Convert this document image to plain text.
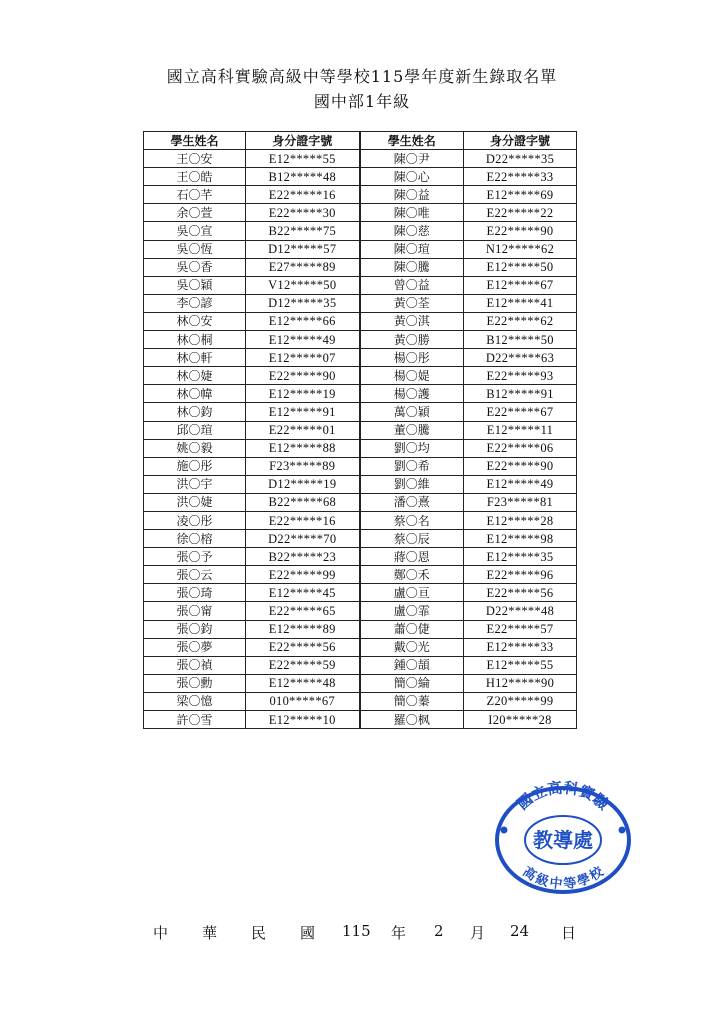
國立高科實驗高級中等學校115學年度新生錄取名單
國中部1年級
學生姓名	身分證字號	學生姓名	身分證字號
王〇安	E12*****55	陳〇尹	D22*****35
王〇皓	B12*****48	陳〇心	E22*****33
石〇芊	E22*****16	陳〇益	E12*****69
余〇萱	E22*****30	陳〇唯	E22*****22
吳〇宣	B22*****75	陳〇慈	E22*****90
吳〇恆	D12*****57	陳〇瑄	N12*****62
吳〇香	E27*****89	陳〇騰	E12*****50
吳〇穎	V12*****50	曾〇益	E12*****67
李〇諺	D12*****35	黃〇荃	E12*****41
林〇安	E12*****66	黃〇淇	E22*****62
林〇桐	E12*****49	黃〇勝	B12*****50
林〇軒	E12*****07	楊〇彤	D22*****63
林〇婕	E22*****90	楊〇媞	E22*****93
林〇幃	E12*****19	楊〇護	B12*****91
林〇鈞	E12*****91	萬〇穎	E22*****67
邱〇瑄	E22*****01	董〇騰	E12*****11
姚〇毅	E12*****88	劉〇均	E22*****06
施〇彤	F23*****89	劉〇希	E22*****90
洪〇宇	D12*****19	劉〇維	E12*****49
洪〇婕	B22*****68	潘〇熹	F23*****81
凌〇彤	E22*****16	蔡〇名	E12*****28
徐〇榕	D22*****70	蔡〇辰	E12*****98
張〇予	B22*****23	蔣〇恩	E12*****35
張〇云	E22*****99	鄭〇禾	E22*****96
張〇琦	E12*****45	盧〇亘	E22*****56
張〇甯	E22*****65	盧〇霏	D22*****48
張〇鈞	E12*****89	蕭〇倢	E22*****57
張〇夢	E22*****56	戴〇光	E12*****33
張〇禎	E22*****59	鍾〇頡	E12*****55
張〇勳	E12*****48	簡〇綸	H12*****90
梁〇憶	010*****67	簡〇蓁	Z20*****99
許〇雪	E12*****10	羅〇枫	I20*****28
國立高科實驗
高級中等學校
教導處
中 華 民 國 115 年 2 月 24 日
